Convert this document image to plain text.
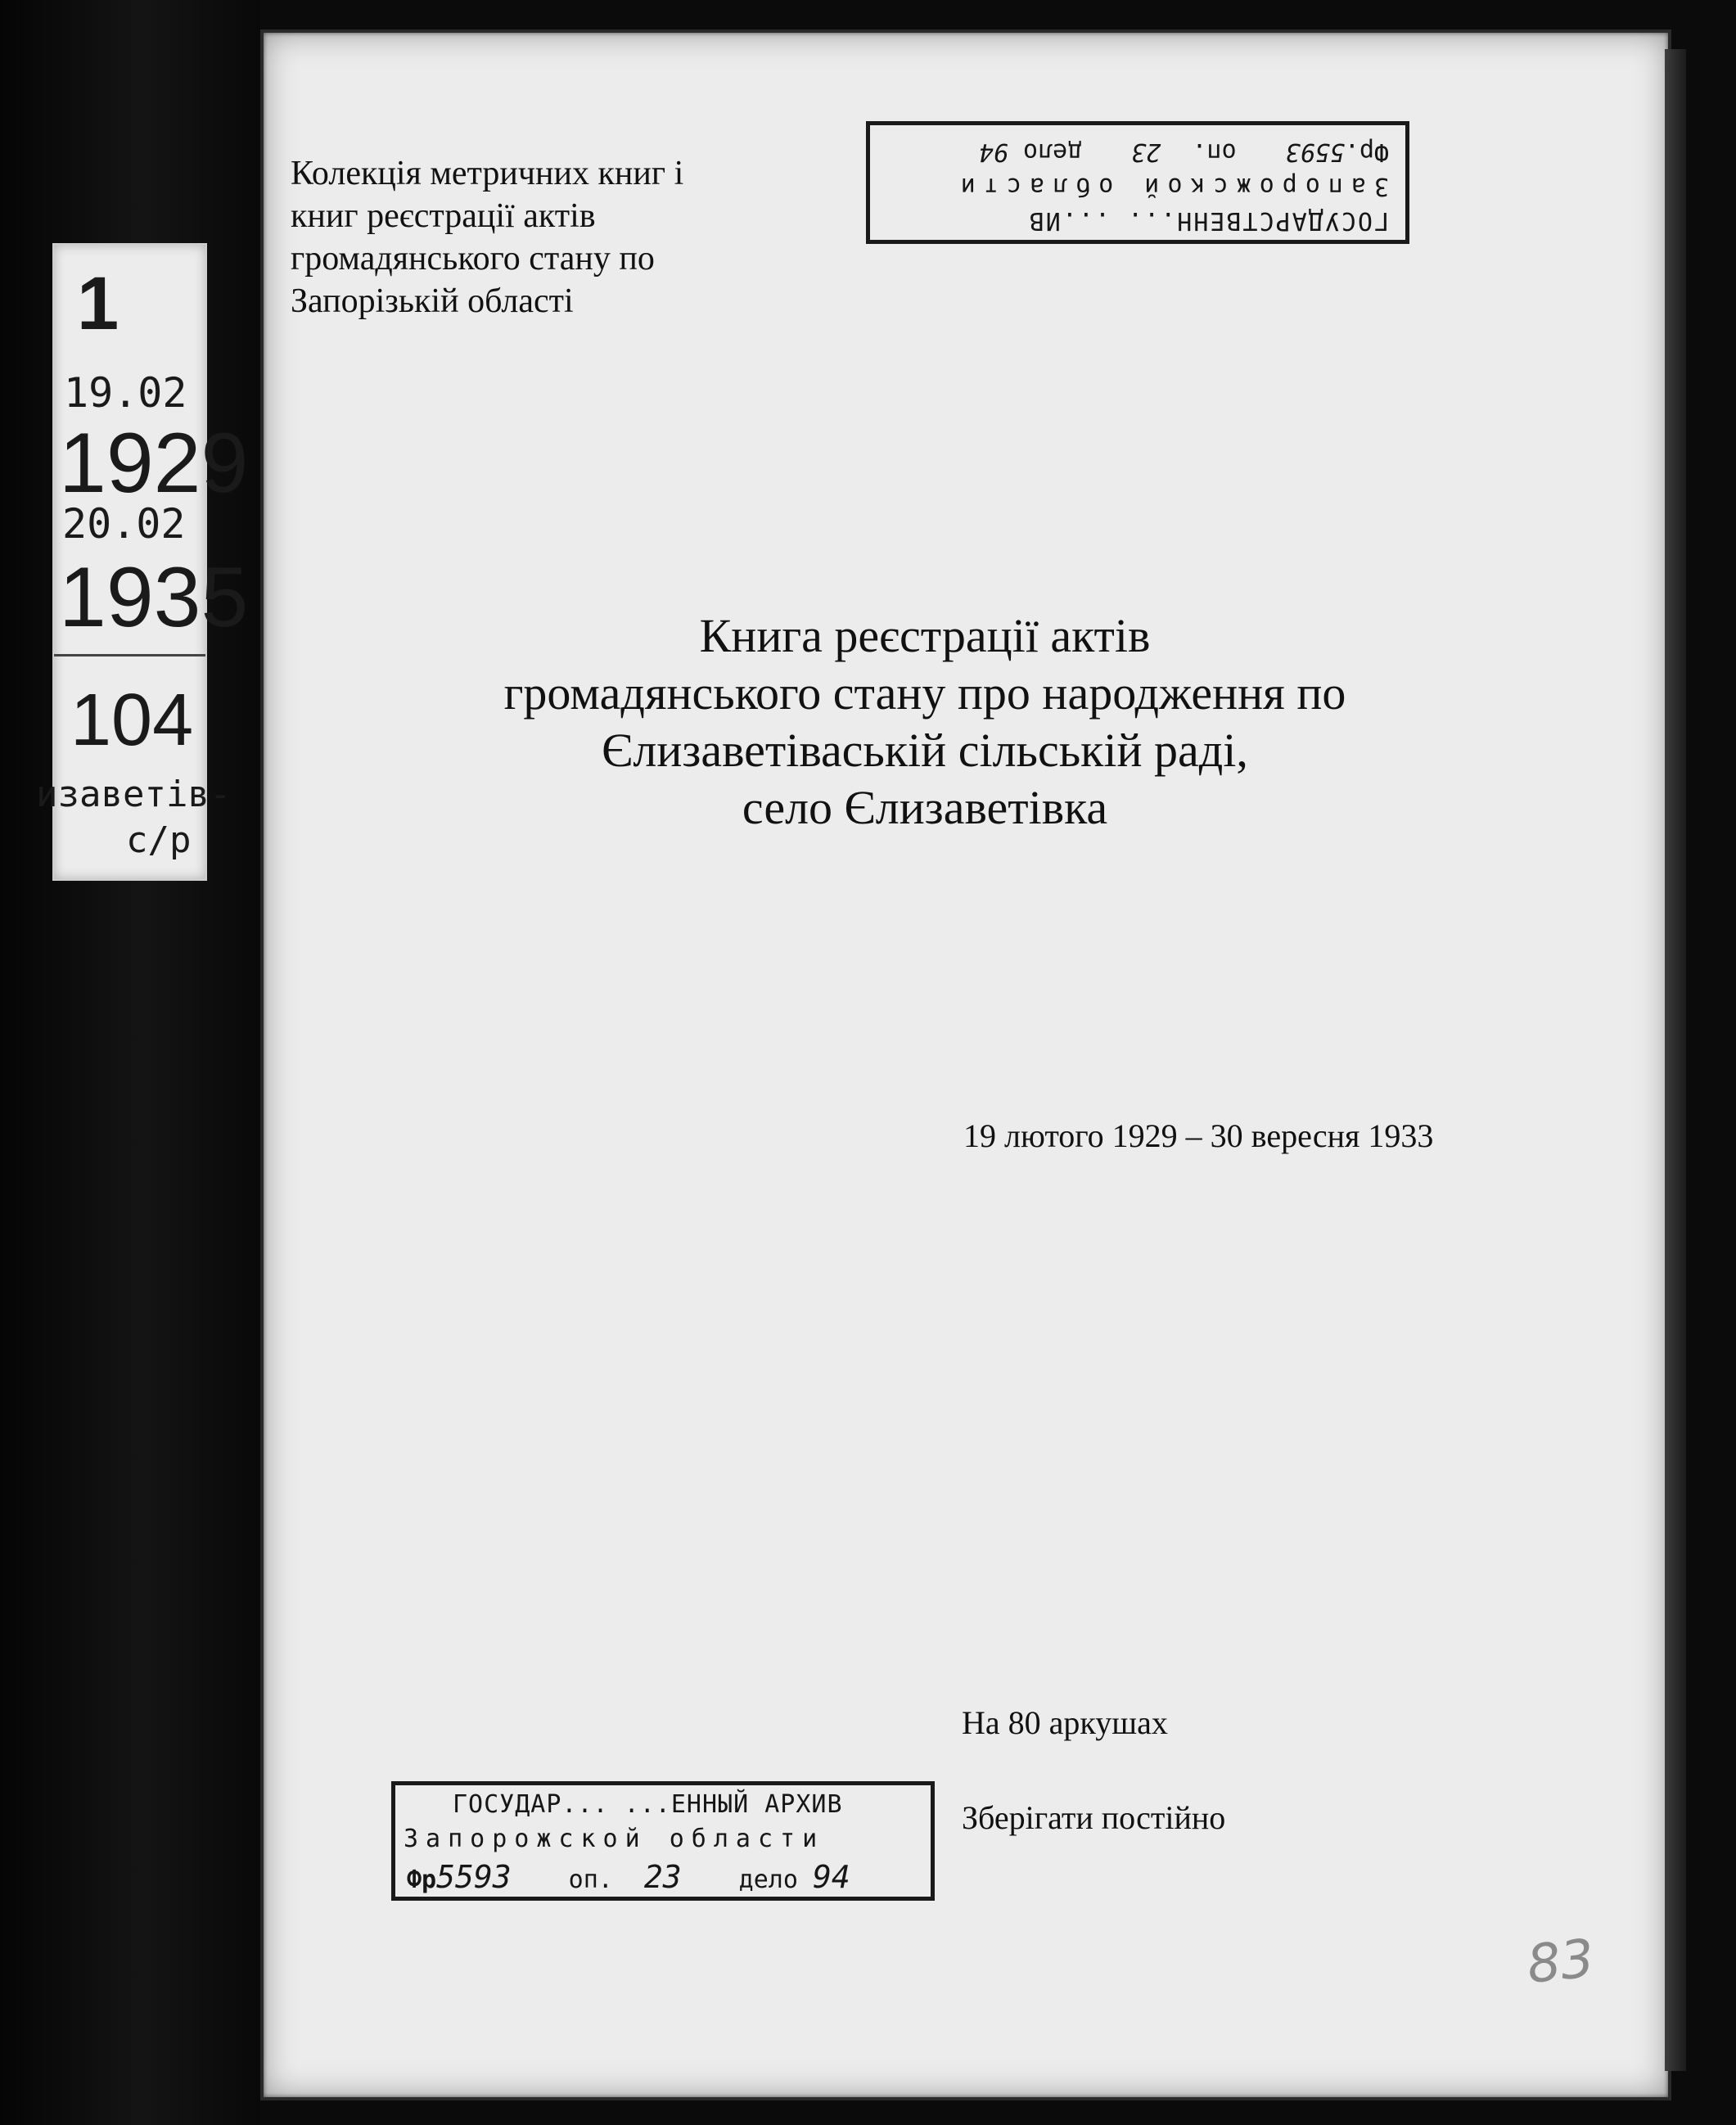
1
19.02
1929
20.02
1935
104
изаветів-
с/р
Колекція метричних книг і
книг реєстрації актів
громадянського стану по
Запорізькій області
ГОСУДАРСТВЕНН... ...ИВ
Запорожской области
Фр.5593оп. 23дело 94
Книга реєстрації актів
громадянського стану про народження по
Єлизаветіваській сільській раді,
село Єлизаветівка
19 лютого 1929 – 30 вересня 1933
На 80 аркушах
Зберігати постійно
ГОСУДАР... ...ЕННЫЙ АРХИВ
Запорожской области
Фр5593 оп. 23 дело 94
83
